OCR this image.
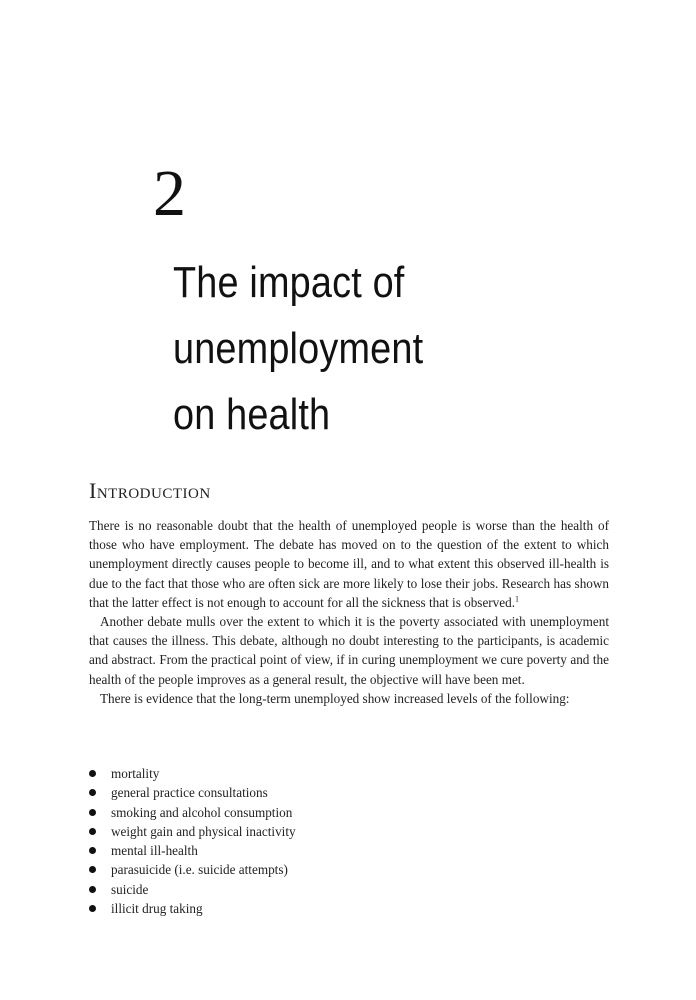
2
The impact of
unemployment
on health
Introduction

There is no reasonable doubt that the health of unemployed people is worse than the health of those who have employment. The debate has moved on to the question of the extent to which unemployment directly causes people to become ill, and to what extent this observed ill-health is due to the fact that those who are often sick are more likely to lose their jobs. Research has shown that the latter effect is not enough to account for all the sickness that is observed.$^1$

Another debate mulls over the extent to which it is the poverty associated with unemployment that causes the illness. This debate, although no doubt interesting to the participants, is academic and abstract. From the practical point of view, if in curing unemployment we cure poverty and the health of the people improves as a general result, the objective will have been met.

There is evidence that the long-term unemployed show increased levels of the following:

mortality
general practice consultations
smoking and alcohol consumption
weight gain and physical inactivity
mental ill-health
parasuicide (i.e. suicide attempts)
suicide
illicit drug taking
